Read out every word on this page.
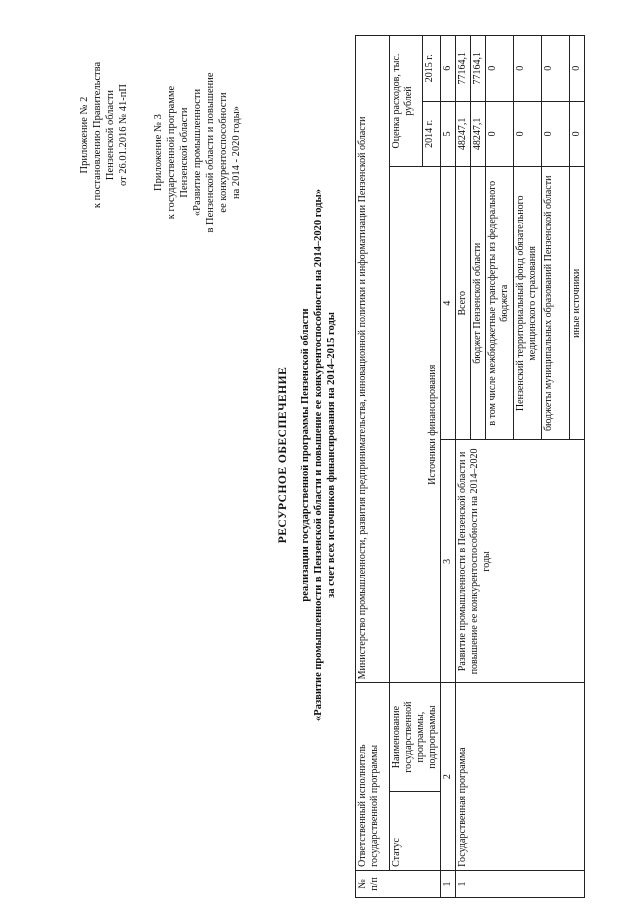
Приложение № 2 к постановлению Правительства Пензенской области от 26.01.2016 № 41-пП Приложение № 3 к государственной программе Пензенской области «Развитие промышленности в Пензенской области и повышение ее конкурентоспособности на 2014 - 2020 годы»
РЕСУРСНОЕ ОБЕСПЕЧЕНИЕ реализации государственной программы Пензенской области «Развитие промышленности в Пензенской области и повышение ее конкурентоспособности на 2014–2020 годы» за счет всех источников финансирования на 2014–2015 годы
№ п/п	Ответственный исполнитель государственной программы		Министерство промышленности, развития предпринимательства, инновационной политики и информатизации Пензенской области			
	Статус	Наименование государственной программы, подпрограммы	Источники финансирования		Оценка расходов, тыс. рублей	
					2014 г.	2015 г.
1	2		3	4	5	6
1	Государственная программа		Развитие промышленности в Пензенской области и повышение ее конкурентоспособности на 2014–2020 годы	Всего	48247,1	77164,1
				бюджет Пензенской области	48247,1	77164,1
				в том числе межбюджетные трансферты из федерального бюджета	0	0
				Пензенский территориальный фонд обязательного медицинского страхования	0	0
				бюджеты муниципальных образований Пензенской области	0	0
				иные источники	0	0
